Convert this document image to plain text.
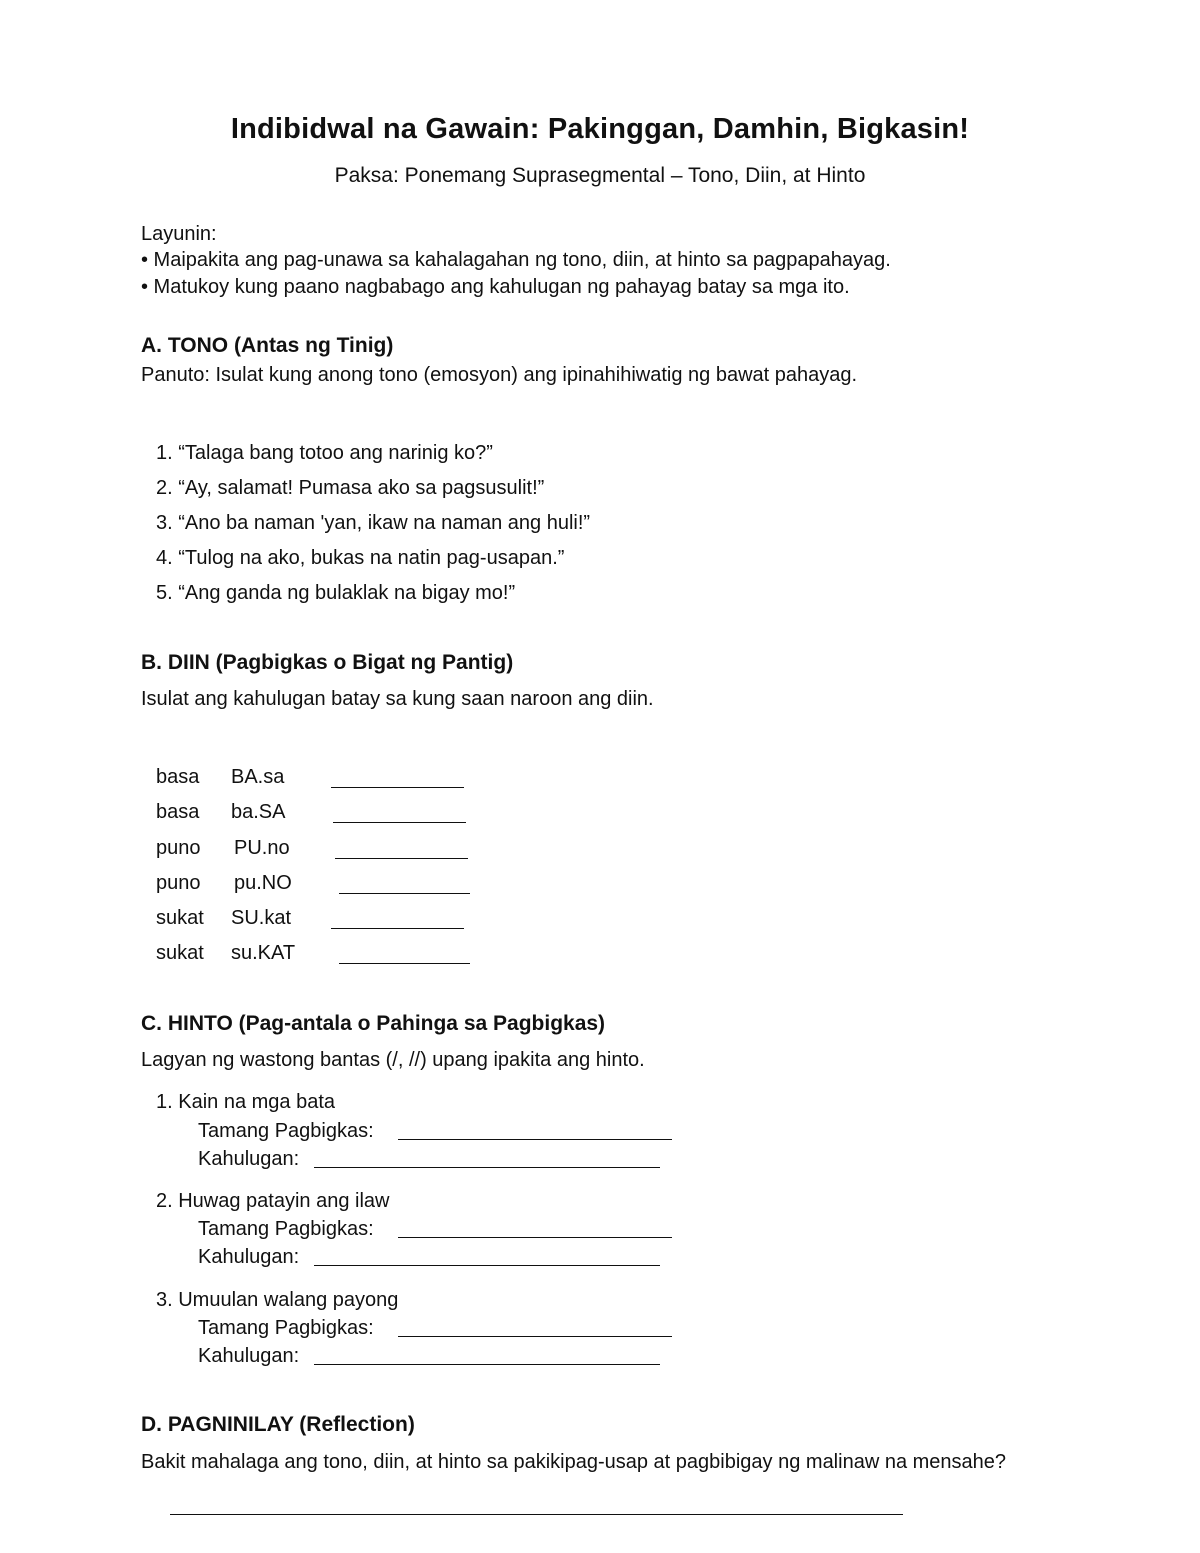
Indibidwal na Gawain: Pakinggan, Damhin, Bigkasin!
Paksa: Ponemang Suprasegmental – Tono, Diin, at Hinto
Layunin:
• Maipakita ang pag-unawa sa kahalagahan ng tono, diin, at hinto sa pagpapahayag.
• Matukoy kung paano nagbabago ang kahulugan ng pahayag batay sa mga ito.
A. TONO (Antas ng Tinig)
Panuto: Isulat kung anong tono (emosyon) ang ipinahihiwatig ng bawat pahayag.
1. “Talaga bang totoo ang narinig ko?”
2. “Ay, salamat! Pumasa ako sa pagsusulit!”
3. “Ano ba naman 'yan, ikaw na naman ang huli!”
4. “Tulog na ako, bukas na natin pag-usapan.”
5. “Ang ganda ng bulaklak na bigay mo!”
B. DIIN (Pagbigkas o Bigat ng Pantig)
Isulat ang kahulugan batay sa kung saan naroon ang diin.
basa BA.sa
basa ba.SA
puno PU.no
puno pu.NO
sukat SU.kat
sukat su.KAT
C. HINTO (Pag-antala o Pahinga sa Pagbigkas)
Lagyan ng wastong bantas (/, //) upang ipakita ang hinto.
1. Kain na mga bata
Tamang Pagbigkas:
Kahulugan:
2. Huwag patayin ang ilaw
Tamang Pagbigkas:
Kahulugan:
3. Umuulan walang payong
Tamang Pagbigkas:
Kahulugan:
D. PAGNINILAY (Reflection)
Bakit mahalaga ang tono, diin, at hinto sa pakikipag-usap at pagbibigay ng malinaw na mensahe?
